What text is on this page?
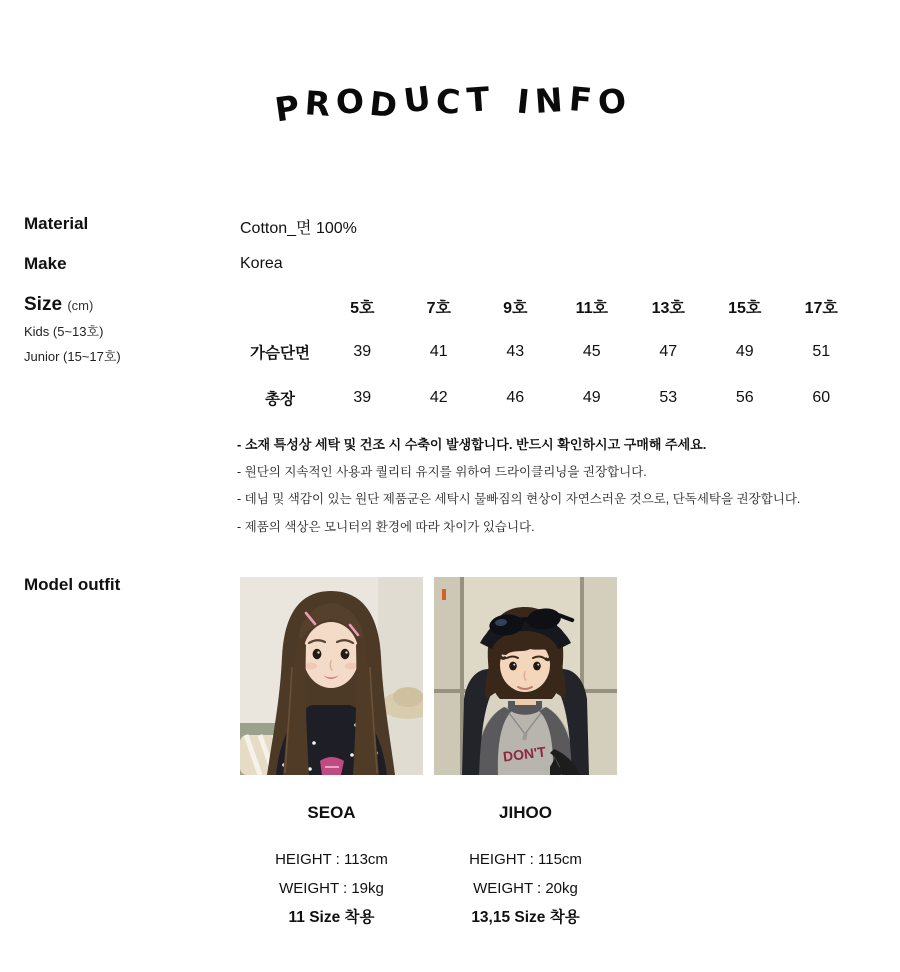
PRODUCT INFO
Material	Cotton_면 100%
Make	Korea
Size (cm)
Kids (5~13호)
Junior (15~17호)
5호	7호	9호	11호	13호	15호	17호
가슴단면	39	41	43	45	47	49	51
총장	39	42	46	49	53	56	60
- 소재 특성상 세탁 및 건조 시 수축이 발생합니다. 반드시 확인하시고 구매해 주세요.
- 원단의 지속적인 사용과 퀄리티 유지를 위하여 드라이클리닝을 권장합니다.
- 데님 및 색감이 있는 원단 제품군은 세탁시 물빠짐의 현상이 자연스러운 것으로, 단독세탁을 권장합니다.
- 제품의 색상은 모니터의 환경에 따라 차이가 있습니다.
Model outfit
SEOA
HEIGHT : 113cm
WEIGHT : 19kg
11 Size 착용
DON'T
JIHOO
HEIGHT : 115cm
WEIGHT : 20kg
13,15 Size 착용
